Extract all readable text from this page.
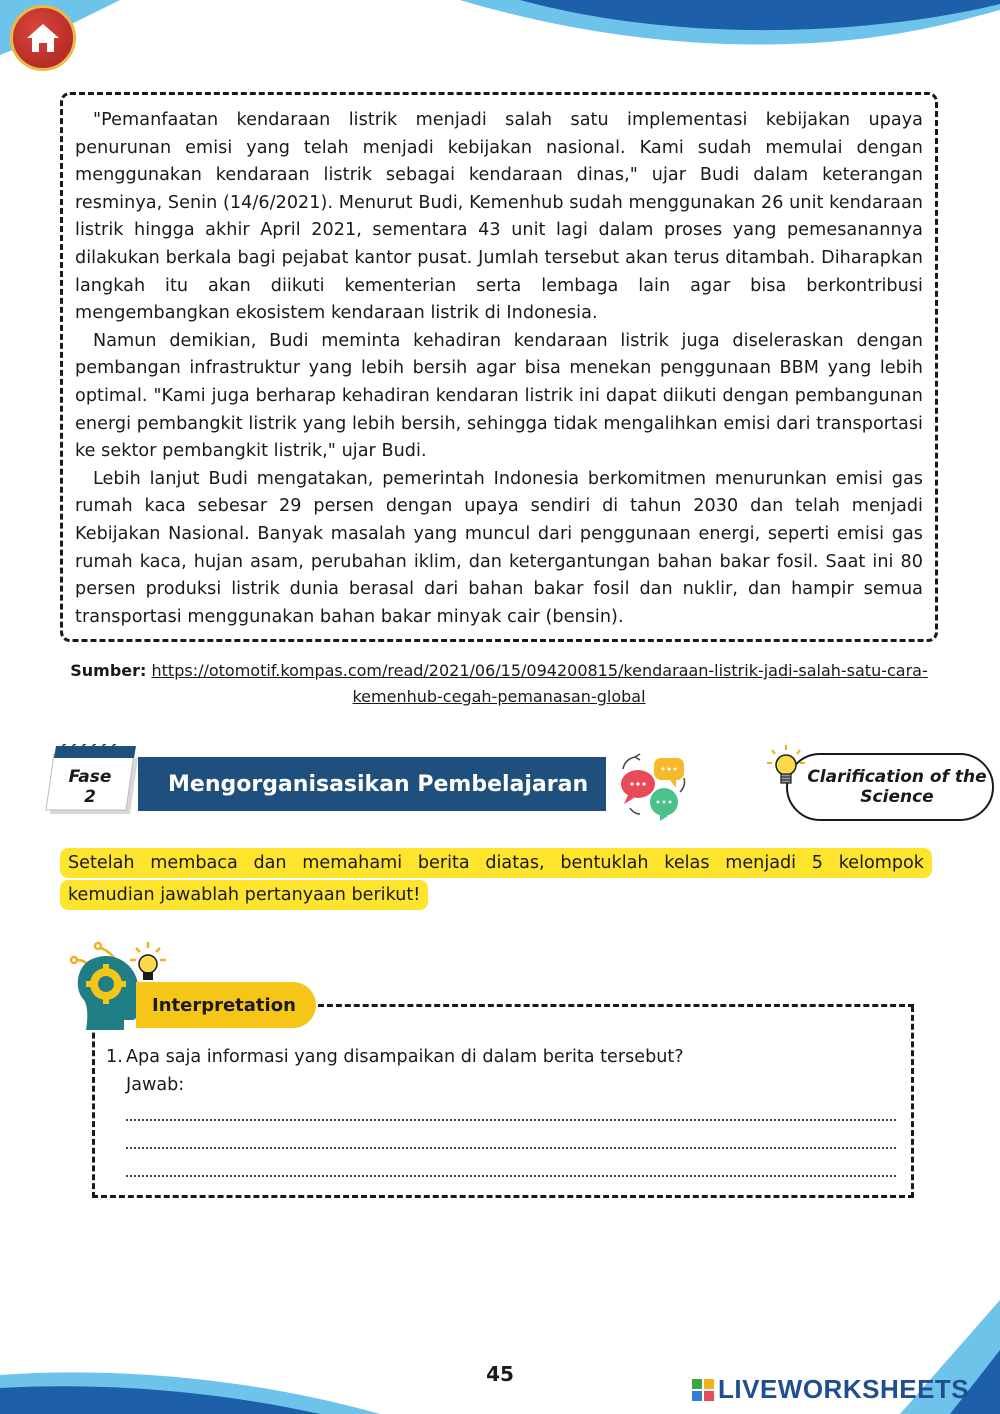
"Pemanfaatan kendaraan listrik menjadi salah satu implementasi kebijakan upaya penurunan emisi yang telah menjadi kebijakan nasional. Kami sudah memulai dengan menggunakan kendaraan listrik sebagai kendaraan dinas," ujar Budi dalam keterangan resminya, Senin (14/6/2021). Menurut Budi, Kemenhub sudah menggunakan 26 unit kendaraan listrik hingga akhir April 2021, sementara 43 unit lagi dalam proses yang pemesanannya dilakukan berkala bagi pejabat kantor pusat. Jumlah tersebut akan terus ditambah. Diharapkan langkah itu akan diikuti kementerian serta lembaga lain agar bisa berkontribusi mengembangkan ekosistem kendaraan listrik di Indonesia.

Namun demikian, Budi meminta kehadiran kendaraan listrik juga diseleraskan dengan pembangan infrastruktur yang lebih bersih agar bisa menekan penggunaan BBM yang lebih optimal. "Kami juga berharap kehadiran kendaran listrik ini dapat diikuti dengan pembangunan energi pembangkit listrik yang lebih bersih, sehingga tidak mengalihkan emisi dari transportasi ke sektor pembangkit listrik," ujar Budi.

Lebih lanjut Budi mengatakan, pemerintah Indonesia berkomitmen menurunkan emisi gas rumah kaca sebesar 29 persen dengan upaya sendiri di tahun 2030 dan telah menjadi Kebijakan Nasional. Banyak masalah yang muncul dari penggunaan energi, seperti emisi gas rumah kaca, hujan asam, perubahan iklim, dan ketergantungan bahan bakar fosil. Saat ini 80 persen produksi listrik dunia berasal dari bahan bakar fosil dan nuklir, dan hampir semua transportasi menggunakan bahan bakar minyak cair (bensin).

Sumber: https://otomotif.kompas.com/read/2021/06/15/094200815/kendaraan-listrik-jadi-salah-satu-cara-kemenhub-cegah-pemanasan-global
Fase
2
Mengorganisasikan Pembelajaran	Clarification of the
Science
Setelah membaca dan memahami berita diatas, bentuklah kelas menjadi 5 kelompok
kemudian jawablah pertanyaan berikut!
Interpretation
1. Apa saja informasi yang disampaikan di dalam berita tersebut?
Jawab:
45	LIVEWORKSHEETS
